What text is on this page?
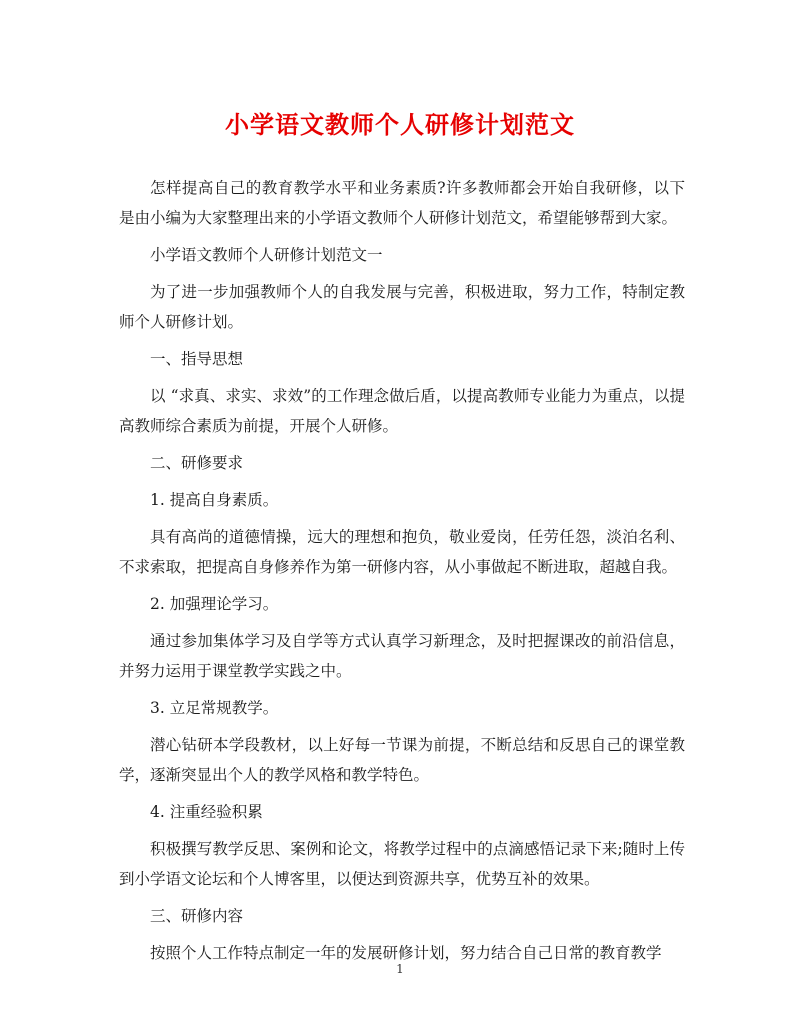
小学语文教师个人研修计划范文

怎样提高自己的教育教学水平和业务素质?许多教师都会开始自我研修，以下是由小编为大家整理出来的小学语文教师个人研修计划范文，希望能够帮到大家。

小学语文教师个人研修计划范文一

为了进一步加强教师个人的自我发展与完善，积极进取，努力工作，特制定教师个人研修计划。

一、指导思想

以 “求真、求实、求效”的工作理念做后盾，以提高教师专业能力为重点，以提高教师综合素质为前提，开展个人研修。

二、研修要求

1. 提高自身素质。

具有高尚的道德情操，远大的理想和抱负，敬业爱岗，任劳任怨，淡泊名利、不求索取，把提高自身修养作为第一研修内容，从小事做起不断进取，超越自我。

2. 加强理论学习。

通过参加集体学习及自学等方式认真学习新理念，及时把握课改的前沿信息，并努力运用于课堂教学实践之中。

3. 立足常规教学。

潜心钻研本学段教材，以上好每一节课为前提，不断总结和反思自己的课堂教学，逐渐突显出个人的教学风格和教学特色。

4. 注重经验积累

积极撰写教学反思、案例和论文，将教学过程中的点滴感悟记录下来;随时上传到小学语文论坛和个人博客里，以便达到资源共享，优势互补的效果。

三、研修内容

按照个人工作特点制定一年的发展研修计划，努力结合自己日常的教育教学

1
